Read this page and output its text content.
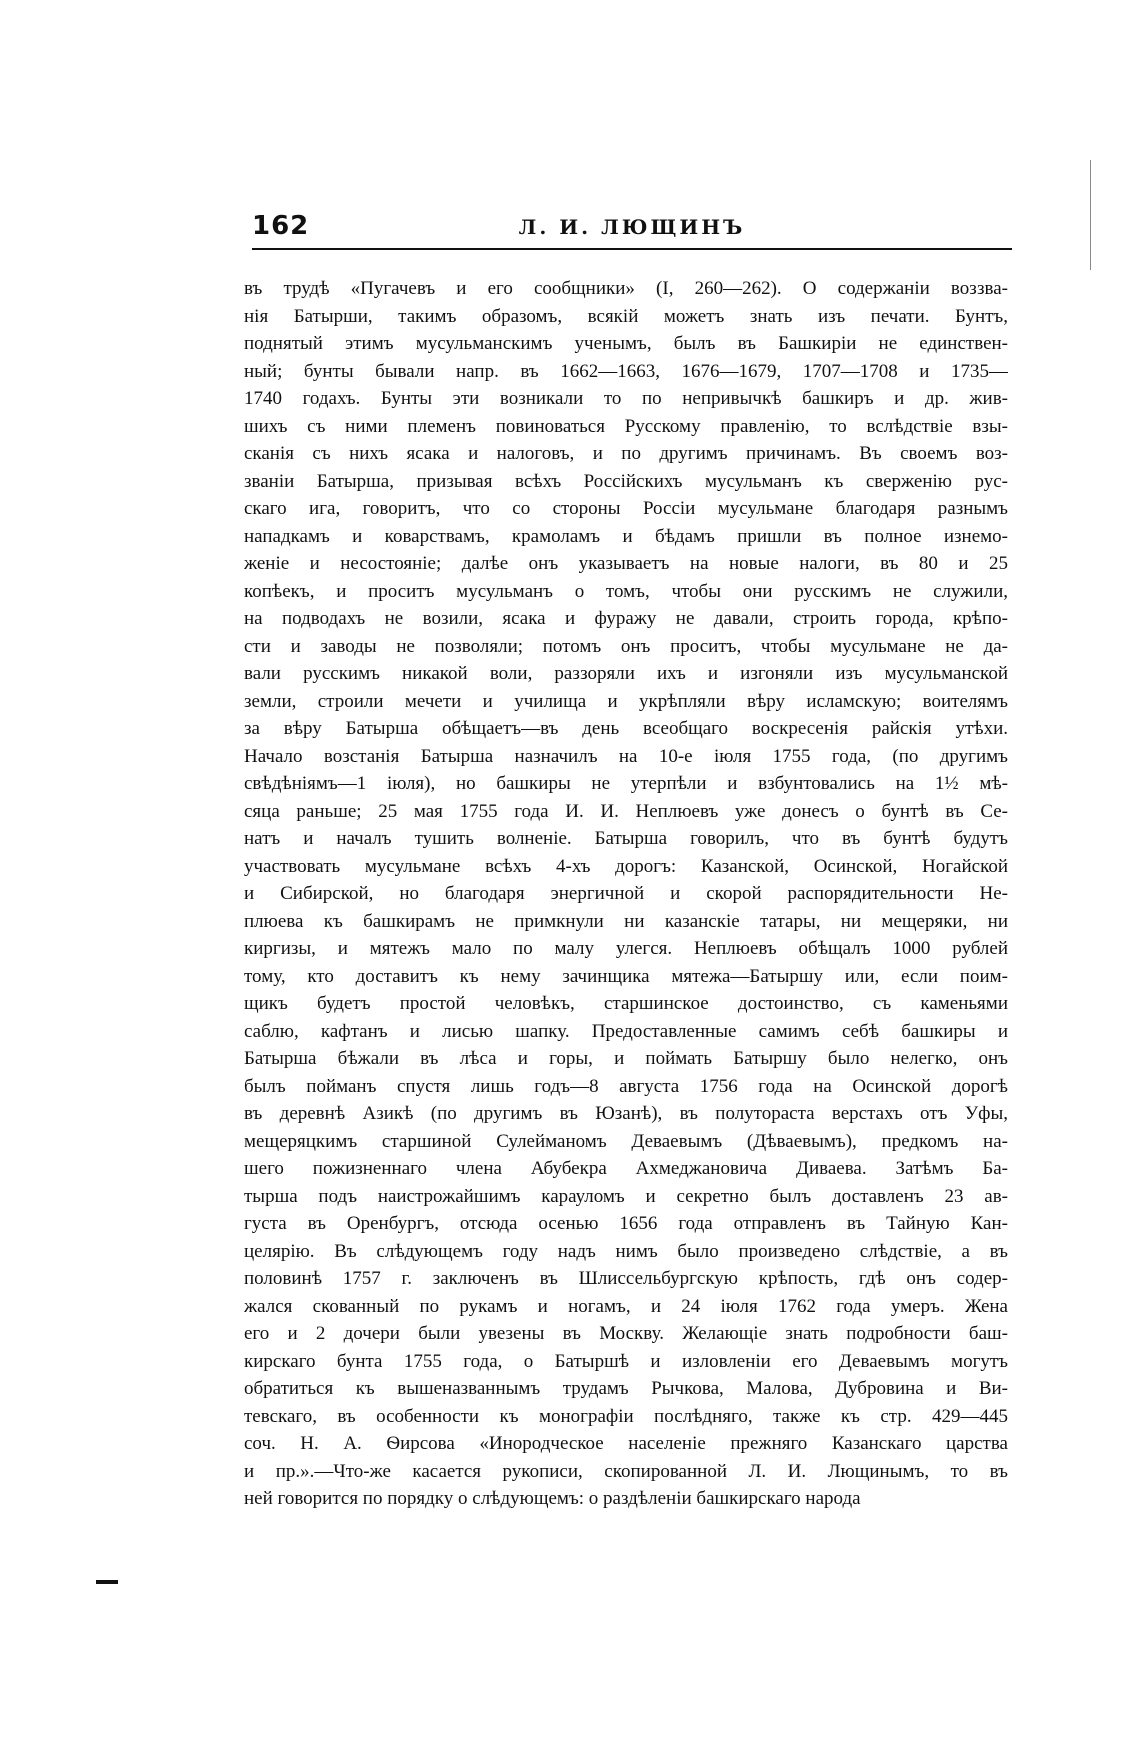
162	Л. И. ЛЮЩИНЪ
въ трудѣ «Пугачевъ и его сообщники» (I, 260—262). О содержаніи воззва-
нія Батырши, такимъ образомъ, всякій можетъ знать изъ печати. Бунтъ,
поднятый этимъ мусульманскимъ ученымъ, былъ въ Башкиріи не единствен-
ный; бунты бывали напр. въ 1662—1663, 1676—1679, 1707—1708 и 1735—
1740 годахъ. Бунты эти возникали то по непривычкѣ башкиръ и др. жив-
шихъ съ ними племенъ повиноваться Русскому правленію, то вслѣдствіе взы-
сканія съ нихъ ясака и налоговъ, и по другимъ причинамъ. Въ своемъ воз-
званіи Батырша, призывая всѣхъ Россійскихъ мусульманъ къ сверженію рус-
скаго ига, говоритъ, что со стороны Россіи мусульмане благодаря разнымъ
нападкамъ и коварствамъ, крамоламъ и бѣдамъ пришли въ полное изнемо-
женіе и несостояніе; далѣе онъ указываетъ на новые налоги, въ 80 и 25
копѣекъ, и проситъ мусульманъ о томъ, чтобы они русскимъ не служили,
на подводахъ не возили, ясака и фуражу не давали, строить города, крѣпо-
сти и заводы не позволяли; потомъ онъ проситъ, чтобы мусульмане не да-
вали русскимъ никакой воли, раззоряли ихъ и изгоняли изъ мусульманской
земли, строили мечети и училища и укрѣпляли вѣру исламскую; воителямъ
за вѣру Батырша обѣщаетъ—въ день всеобщаго воскресенія райскія утѣхи.
Начало возстанія Батырша назначилъ на 10-е іюля 1755 года, (по другимъ
свѣдѣніямъ—1 іюля), но башкиры не утерпѣли и взбунтовались на 1½ мѣ-
сяца раньше; 25 мая 1755 года И. И. Неплюевъ уже донесъ о бунтѣ въ Се-
натъ и началъ тушить волненіе. Батырша говорилъ, что въ бунтѣ будутъ
участвовать мусульмане всѣхъ 4-хъ дорогъ: Казанской, Осинской, Ногайской
и Сибирской, но благодаря энергичной и скорой распорядительности Не-
плюева къ башкирамъ не примкнули ни казанскіе татары, ни мещеряки, ни
киргизы, и мятежъ мало по малу улегся. Неплюевъ обѣщалъ 1000 рублей
тому, кто доставитъ къ нему зачинщика мятежа—Батыршу или, если поим-
щикъ будетъ простой человѣкъ, старшинское достоинство, съ каменьями
саблю, кафтанъ и лисью шапку. Предоставленные самимъ себѣ башкиры и
Батырша бѣжали въ лѣса и горы, и поймать Батыршу было нелегко, онъ
былъ пойманъ спустя лишь годъ—8 августа 1756 года на Осинской дорогѣ
въ деревнѣ Азикѣ (по другимъ въ Юзанѣ), въ полутораста верстахъ отъ Уфы,
мещеряцкимъ старшиной Сулейманомъ Деваевымъ (Дѣваевымъ), предкомъ на-
шего пожизненнаго члена Абубекра Ахмеджановича Диваева. Затѣмъ Ба-
тырша подъ наистрожайшимъ карауломъ и секретно былъ доставленъ 23 ав-
густа въ Оренбургъ, отсюда осенью 1656 года отправленъ въ Тайную Кан-
целярію. Въ слѣдующемъ году надъ нимъ было произведено слѣдствіе, а въ
половинѣ 1757 г. заключенъ въ Шлиссельбургскую крѣпость, гдѣ онъ содер-
жался скованный по рукамъ и ногамъ, и 24 іюля 1762 года умеръ. Жена
его и 2 дочери были увезены въ Москву. Желающіе знать подробности баш-
кирскаго бунта 1755 года, о Батыршѣ и изловленіи его Деваевымъ могутъ
обратиться къ вышеназваннымъ трудамъ Рычкова, Малова, Дубровина и Ви-
тевскаго, въ особенности къ монографіи послѣдняго, также къ стр. 429—445
соч. Н. А. Ѳирсова «Инородческое населеніе прежняго Казанскаго царства
и пр.».—Что-же касается рукописи, скопированной Л. И. Лющинымъ, то въ
ней говорится по порядку о слѣдующемъ: о раздѣленіи башкирскаго народа
